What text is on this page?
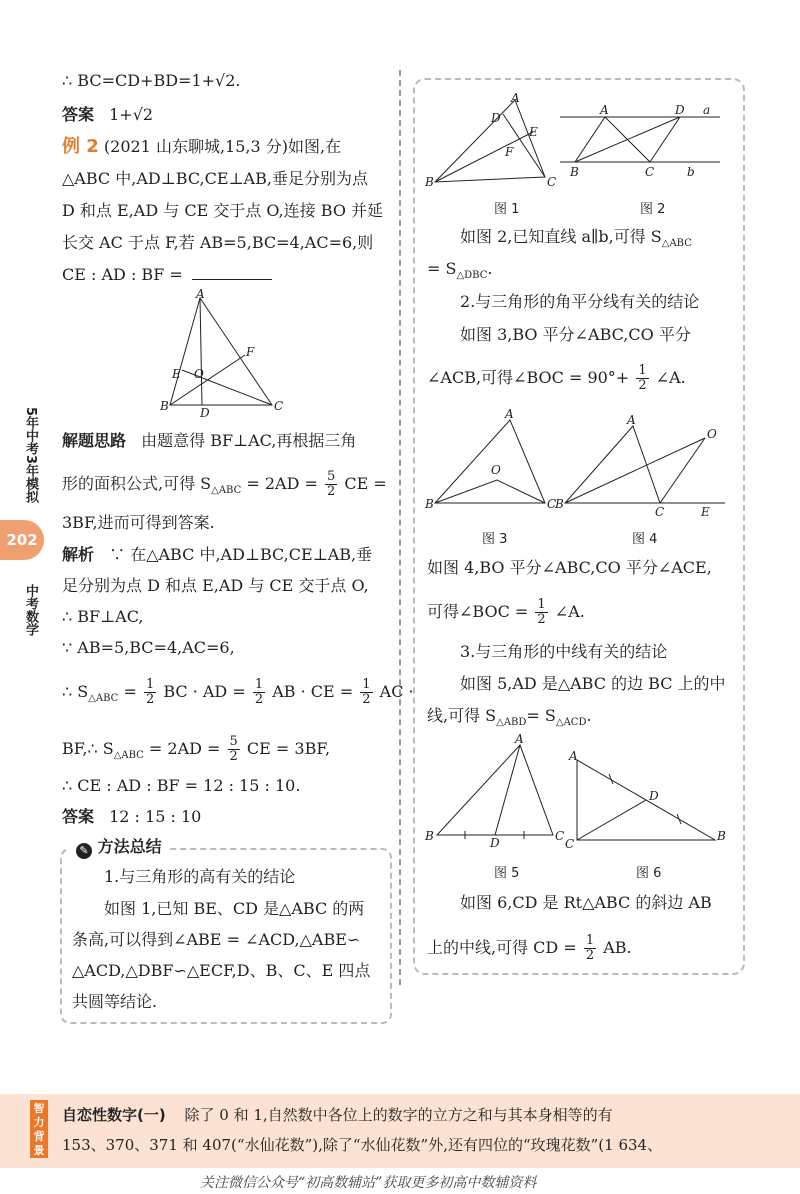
5年中考3年模拟
202
中考数学
∴ BC=CD+BD=1+√2.
答案 1+√2
例 2 (2021 山东聊城,15,3 分)如图,在
△ABC 中,AD⊥BC,CE⊥AB,垂足分别为点
D 和点 E,AD 与 CE 交于点 O,连接 BO 并延
长交 AC 于点 F,若 AB=5,BC=4,AC=6,则
CE : AD : BF =
A
B	C
D
E
F
O
解题思路 由题意得 BF⊥AC,再根据三角
形的面积公式,可得 $S_{\triangle ABC} = 2AD = \frac{5}{2}$ CE =
3BF,进而可得到答案.
解析 ∵ 在△ABC 中,AD⊥BC,CE⊥AB,垂
足分别为点 D 和点 E,AD 与 CE 交于点 O,
∴ BF⊥AC,
∵ AB=5,BC=4,AC=6,
∴ $S_{\triangle ABC} = \frac{1}{2}$ BC · AD = $\frac{1}{2}$ AB · CE = $\frac{1}{2}$ AC ·
BF,∴ $S_{\triangle ABC} = 2AD = \frac{5}{2}$ CE = 3BF,
∴ CE : AD : BF = 12 : 15 : 10.
答案 12 : 15 : 10
✎ 方法总结
1.与三角形的高有关的结论
如图 1,已知 BE、CD 是△ABC 的两
条高,可以得到∠ABE = ∠ACD,△ABE∽
△ACD,△DBF∽△ECF,D、B、C、E 四点
共圆等结论.
A
B	C
D
E
F
图 1
A	D a
B	C	b
图 2
如图 2,已知直线 a∥b,可得 $S_{\triangle ABC}$
= $S_{\triangle DBC}$.
2.与三角形的角平分线有关的结论
如图 3,BO 平分∠ABC,CO 平分
∠ACB,可得∠BOC = $90^\circ+ \frac{1}{2}$ ∠A.
A
B	C
O
图 3
A
B
C	E
O
图 4
如图 4,BO 平分∠ABC,CO 平分∠ACE,
可得∠BOC = $\frac{1}{2}$ ∠A.
3.与三角形的中线有关的结论
如图 5,AD 是△ABC 的边 BC 上的中
线,可得 $S_{\triangle ABD}= S_{\triangle ACD}$.
A
B	C
D
图 5
A
C
B
D
图 6
如图 6,CD 是 Rt△ABC 的斜边 AB
上的中线,可得 CD = $\frac{1}{2}$ AB.
智力背景
自恋性数字(一) 除了 0 和 1,自然数中各位上的数字的立方之和与其本身相等的有
153、370、371 和 407(“水仙花数”),除了“水仙花数”外,还有四位的“玫瑰花数”(1 634、
关注微信公众号“初高数辅站”获取更多初高中数辅资料
